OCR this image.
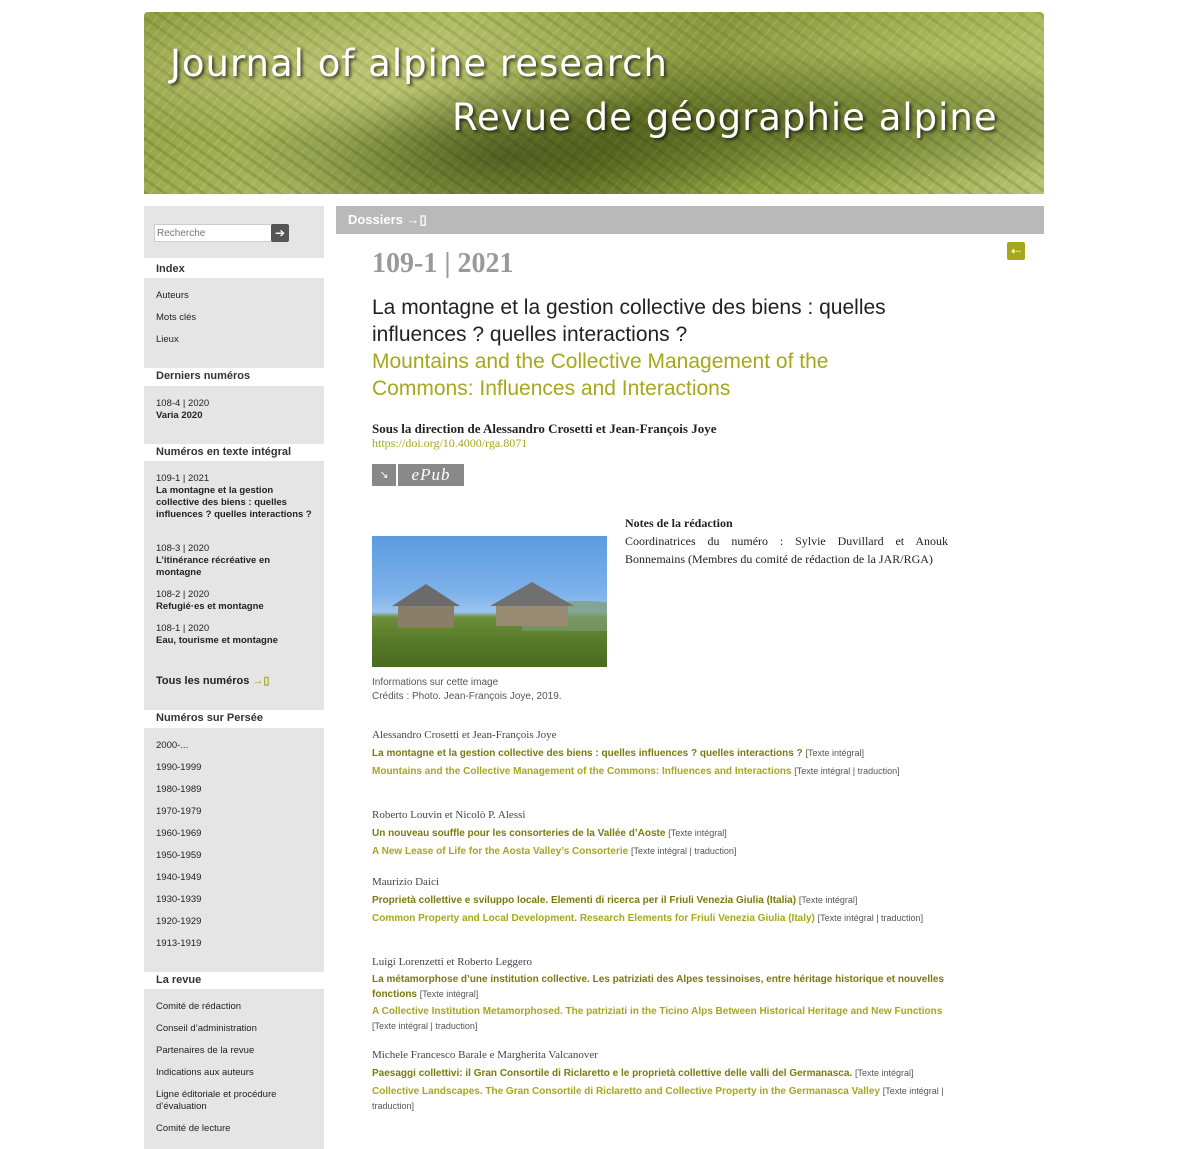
Journal of alpine research
Revue de géographie alpine
Recherche
➔
Index
Auteurs
Mots clés
Lieux
Derniers numéros
108-4 | 2020
Varia 2020
Numéros en texte intégral
109-1 | 2021
La montagne et la gestion collective des biens : quelles influences ? quelles interactions ?
108-3 | 2020
L’itinérance récréative en montagne
108-2 | 2020
Refugié·es et montagne
108-1 | 2020
Eau, tourisme et montagne
Tous les numéros →▯
Numéros sur Persée
2000-...
1990-1999
1980-1989
1970-1979
1960-1969
1950-1959
1940-1949
1930-1939
1920-1929
1913-1919
La revue
Comité de rédaction
Conseil d’administration
Partenaires de la revue
Indications aux auteurs
Ligne éditoriale et procédure d’évaluation
Comité de lecture
Dossiers →▯
⇠
109-1 | 2021
La montagne et la gestion collective des biens : quelles influences ? quelles interactions ?
Mountains and the Collective Management of the Commons: Influences and Interactions
Sous la direction de Alessandro Crosetti et Jean-François Joye
https://doi.org/10.4000/rga.8071
↘	ePub
Informations sur cette image
Crédits : Photo. Jean-François Joye, 2019.
Notes de la rédaction
Coordinatrices du numéro : Sylvie Duvillard et Anouk Bonnemains (Membres du comité de rédaction de la JAR/RGA)
Alessandro Crosetti et Jean-François Joye
La montagne et la gestion collective des biens : quelles influences ? quelles interactions ? [Texte intégral]
Mountains and the Collective Management of the Commons: Influences and Interactions [Texte intégral | traduction]
Roberto Louvin et Nicolò P. Alessi
Un nouveau souffle pour les consorteries de la Vallée d’Aoste [Texte intégral]
A New Lease of Life for the Aosta Valley’s Consorterie [Texte intégral | traduction]
Maurizio Daici
Proprietà collettive e sviluppo locale. Elementi di ricerca per il Friuli Venezia Giulia (Italia) [Texte intégral]
Common Property and Local Development. Research Elements for Friuli Venezia Giulia (Italy) [Texte intégral | traduction]
Luigi Lorenzetti et Roberto Leggero
La métamorphose d’une institution collective. Les patriziati des Alpes tessinoises, entre héritage historique et nouvelles fonctions [Texte intégral]
A Collective Institution Metamorphosed. The patriziati in the Ticino Alps Between Historical Heritage and New Functions [Texte intégral | traduction]
Michele Francesco Barale e Margherita Valcanover
Paesaggi collettivi: il Gran Consortile di Riclaretto e le proprietà collettive delle valli del Germanasca. [Texte intégral]
Collective Landscapes. The Gran Consortile di Riclaretto and Collective Property in the Germanasca Valley [Texte intégral | traduction]
